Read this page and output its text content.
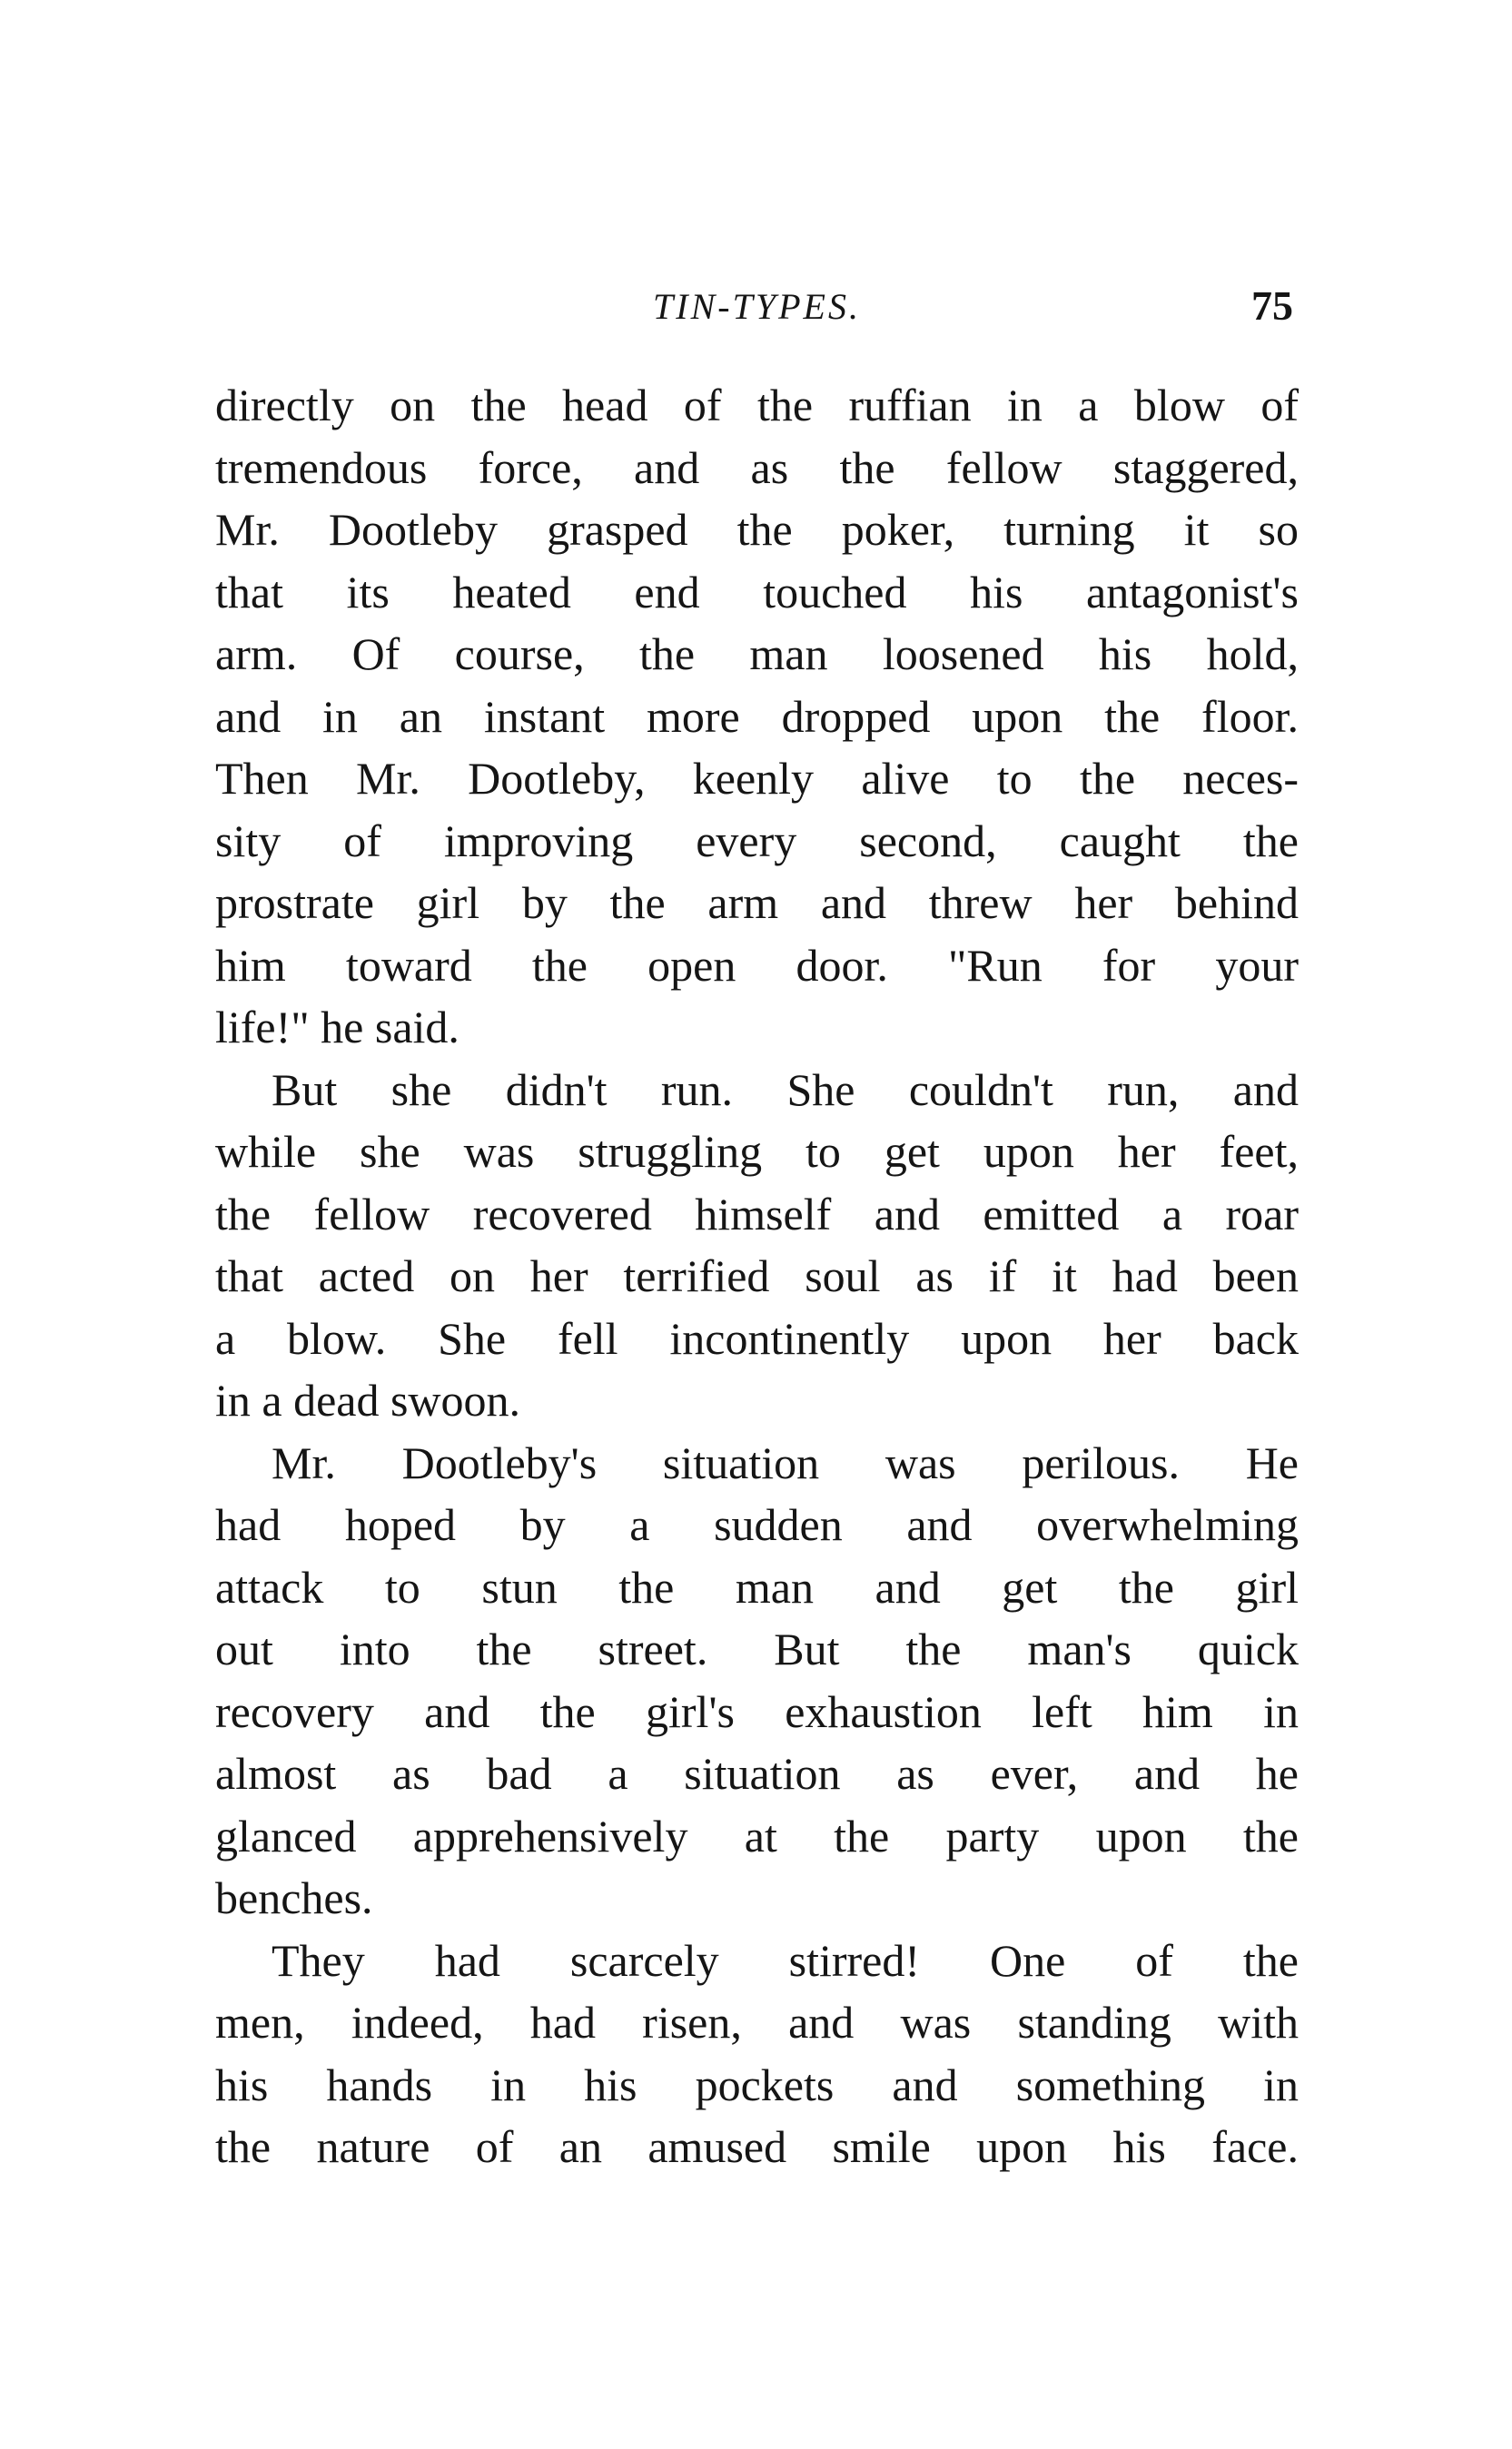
TIN-TYPES.	75
directly on the head of the ruffian in a blow of
tremendous force, and as the fellow staggered,
Mr. Dootleby grasped the poker, turning it so
that its heated end touched his antagonist's
arm. Of course, the man loosened his hold,
and in an instant more dropped upon the floor.
Then Mr. Dootleby, keenly alive to the neces-
sity of improving every second, caught the
prostrate girl by the arm and threw her behind
him toward the open door. "Run for your
life!" he said.
But she didn't run. She couldn't run, and
while she was struggling to get upon her feet,
the fellow recovered himself and emitted a roar
that acted on her terrified soul as if it had been
a blow. She fell incontinently upon her back
in a dead swoon.
Mr. Dootleby's situation was perilous. He
had hoped by a sudden and overwhelming
attack to stun the man and get the girl
out into the street. But the man's quick
recovery and the girl's exhaustion left him in
almost as bad a situation as ever, and he
glanced apprehensively at the party upon the
benches.
They had scarcely stirred! One of the
men, indeed, had risen, and was standing with
his hands in his pockets and something in
the nature of an amused smile upon his face.
